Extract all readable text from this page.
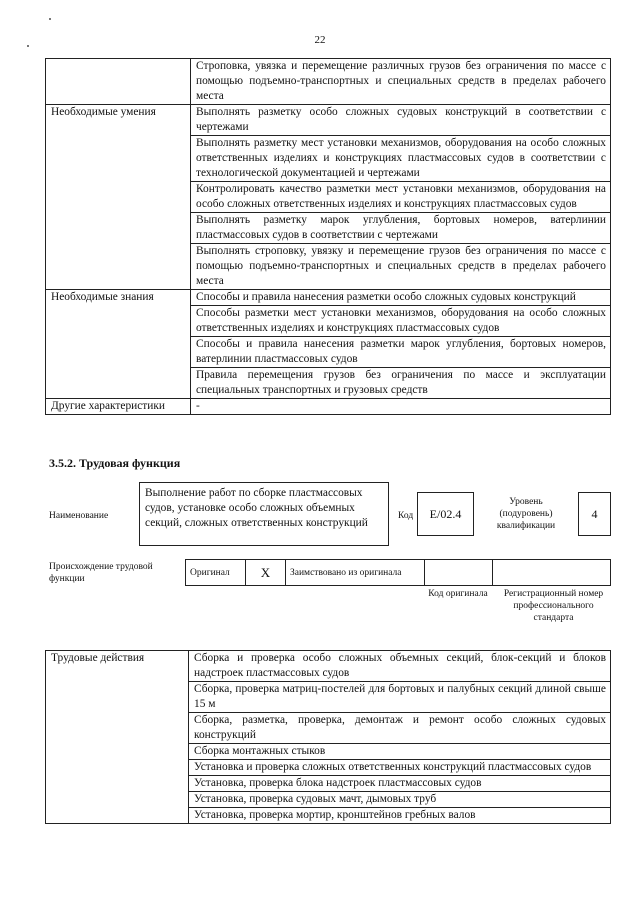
22
	Строповка, увязка и перемещение различных грузов без ограничения по массе с помощью подъемно-транспортных и специальных средств в пределах рабочего места
Необходимые умения	Выполнять разметку особо сложных судовых конструкций в соответствии с чертежами
	Выполнять разметку мест установки механизмов, оборудования на особо сложных ответственных изделиях и конструкциях пластмассовых судов в соответствии с технологической документацией и чертежами
	Контролировать качество разметки мест установки механизмов, оборудования на особо сложных ответственных изделиях и конструкциях пластмассовых судов
	Выполнять разметку марок углубления, бортовых номеров, ватерлинии пластмассовых судов в соответствии с чертежами
	Выполнять строповку, увязку и перемещение грузов без ограничения по массе с помощью подъемно-транспортных и специальных средств в пределах рабочего места
Необходимые знания	Способы и правила нанесения разметки особо сложных судовых конструкций
	Способы разметки мест установки механизмов, оборудования на особо сложных ответственных изделиях и конструкциях пластмассовых судов
	Способы и правила нанесения разметки марок углубления, бортовых номеров, ватерлинии пластмассовых судов
	Правила перемещения грузов без ограничения по массе и эксплуатации специальных транспортных и грузовых средств
Другие характеристики	-
3.5.2. Трудовая функция
Наименование
Выполнение работ по сборке пластмассовых судов, установке особо сложных объемных секций, сложных ответственных конструкций
Код	E/02.4
Уровень (подуровень) квалификации
4
Происхождение трудовой функции
Оригинал	X	Заимствовано из оригинала		
Код оригинала	Регистрационный номер профессионального стандарта
Трудовые действия	Сборка и проверка особо сложных объемных секций, блок-секций и блоков надстроек пластмассовых судов
Сборка, проверка матриц-постелей для бортовых и палубных секций длиной свыше 15 м
Сборка, разметка, проверка, демонтаж и ремонт особо сложных судовых конструкций
Сборка монтажных стыков
Установка и проверка сложных ответственных конструкций пластмассовых судов
Установка, проверка блока надстроек пластмассовых судов
Установка, проверка судовых мачт, дымовых труб
Установка, проверка мортир, кронштейнов гребных валов
